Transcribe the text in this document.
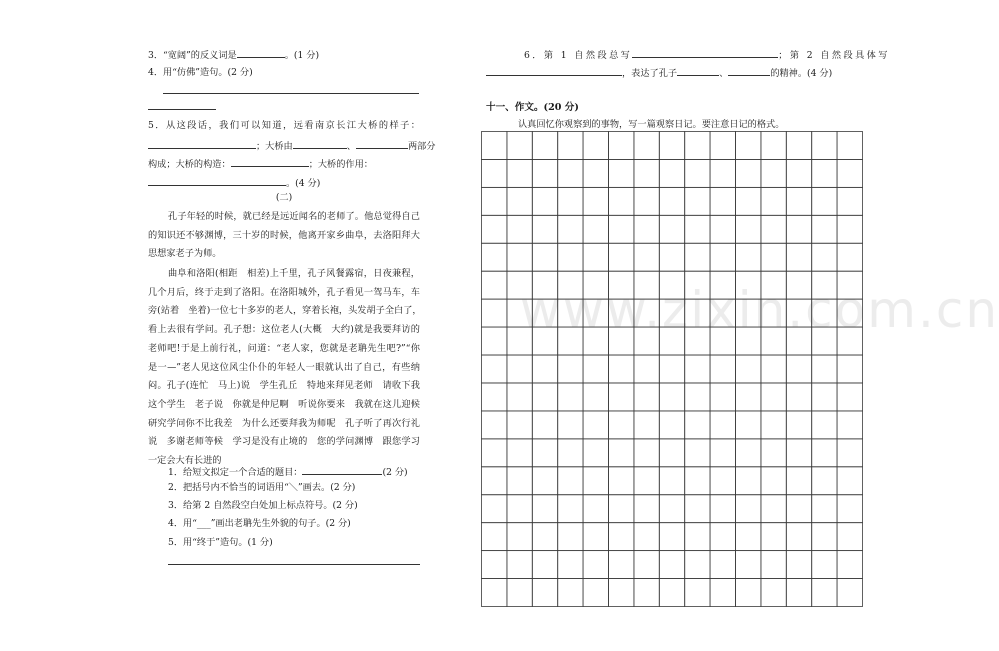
www.zixin.com.cn
3．“宽阔”的反义词是	。(1 分)
4．用“仿佛”造句。(2 分)
5．从这段话，我们可以知道，远看南京长江大桥的样子：
；大桥由	、	两部分
构成；大桥的构造：	；大桥的作用：
。(4 分)
(二)
孔子年轻的时候，就已经是远近闻名的老师了。他总觉得自己
的知识还不够渊博，三十岁的时候，他离开家乡曲阜，去洛阳拜大
思想家老子为师。
曲阜和洛阳(相距　相差)上千里，孔子风餐露宿，日夜兼程，
几个月后，终于走到了洛阳。在洛阳城外，孔子看见一驾马车，车
旁(站着　坐着)一位七十多岁的老人，穿着长袍，头发胡子全白了，
看上去很有学问。孔子想：这位老人(大概　大约)就是我要拜访的
老师吧!于是上前行礼，问道：“老人家，您就是老聃先生吧?”“你
是一—”老人见这位风尘仆仆的年轻人一眼就认出了自己，有些纳
闷。孔子(连忙　马上)说　学生孔丘　特地来拜见老师　请收下我
这个学生　老子说　你就是仲尼啊　听说你要来　我就在这儿迎候
研究学问你不比我差　为什么还要拜我为师呢　孔子听了再次行礼
说　多谢老师等候　学习是没有止境的　您的学问渊博　跟您学习
一定会大有长进的
1．给短文拟定一个合适的题目：	(2 分)
2．把括号内不恰当的词语用“＼”画去。(2 分)
3．给第 2 自然段空白处加上标点符号。(2 分)
4．用“___”画出老聃先生外貌的句子。(2 分)
5．用“终于”造句。(1 分)
6．第 1 自然段总写	；第 2 自然段具体写
，表达了孔子	、	的精神。(4 分)
十一、作文。(20 分)
认真回忆你观察到的事物，写一篇观察日记。要注意日记的格式。
